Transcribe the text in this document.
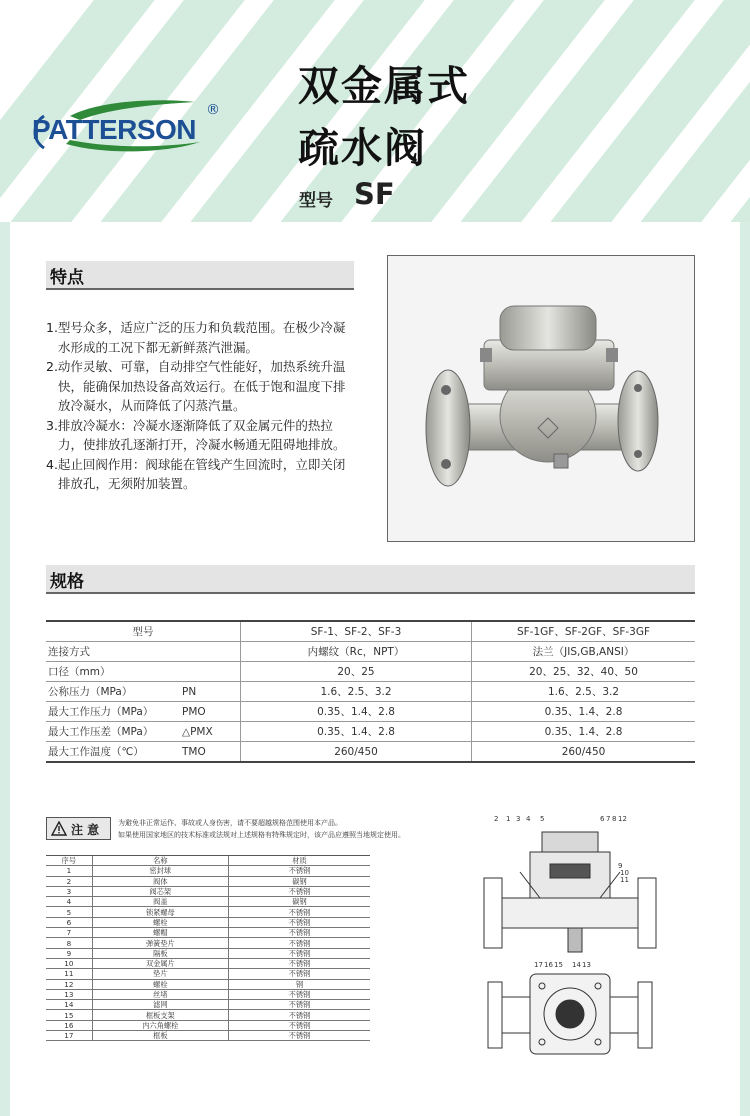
PATTERSON
® 双金属式
疏水阀
型号 SF
特点

1.型号众多，适应广泛的压力和负载范围。在极少冷凝水形成的工况下都无新鲜蒸汽泄漏。

2.动作灵敏、可靠，自动排空气性能好，加热系统升温快，能确保加热设备高效运行。在低于饱和温度下排放冷凝水，从而降低了闪蒸汽量。

3.排放冷凝水：冷凝水逐渐降低了双金属元件的热拉力，使排放孔逐渐打开，冷凝水畅通无阻碍地排放。

4.起止回阀作用：阀球能在管线产生回流时，立即关闭排放孔，无须附加装置。

规格
型号		SF-1、SF-2、SF-3	SF-1GF、SF-2GF、SF-3GF
连接方式		内螺纹（Rc，NPT）	法兰（JIS,GB,ANSI）
口径（mm）		20、25	20、25、32、40、50
公称压力（MPa）	PN	1.6、2.5、3.2	1.6、2.5、3.2
最大工作压力（MPa）	PMO	0.35、1.4、2.8	0.35、1.4、2.8
最大工作压差（MPa）	△PMX	0.35、1.4、2.8	0.35、1.4、2.8
最大工作温度（℃）	TMO	260/450	260/450
注 意	为避免非正常运作、事故或人身伤害，请不要超越规格范围使用本产品。
如果使用国家地区的技术标准或法规对上述规格有特殊规定时，该产品应遵照当地规定使用。
序号	名称	材质
1	密封球	不锈钢
2	阀体	碳钢
3	阀芯架	不锈钢
4	阀盖	碳钢
5	锁紧螺母	不锈钢
6	螺栓	不锈钢
7	螺帽	不锈钢
8	弹簧垫片	不锈钢
9	隔板	不锈钢
10	双金属片	不锈钢
11	垫片	不锈钢
12	螺栓	钢
13	丝堵	不锈钢
14	滤网	不锈钢
15	框板支架	不锈钢
16	内六角螺栓	不锈钢
17	框板	不锈钢
2 1 3 4 5	6 7 8 12
9
10
11
17 16 15 14 13
